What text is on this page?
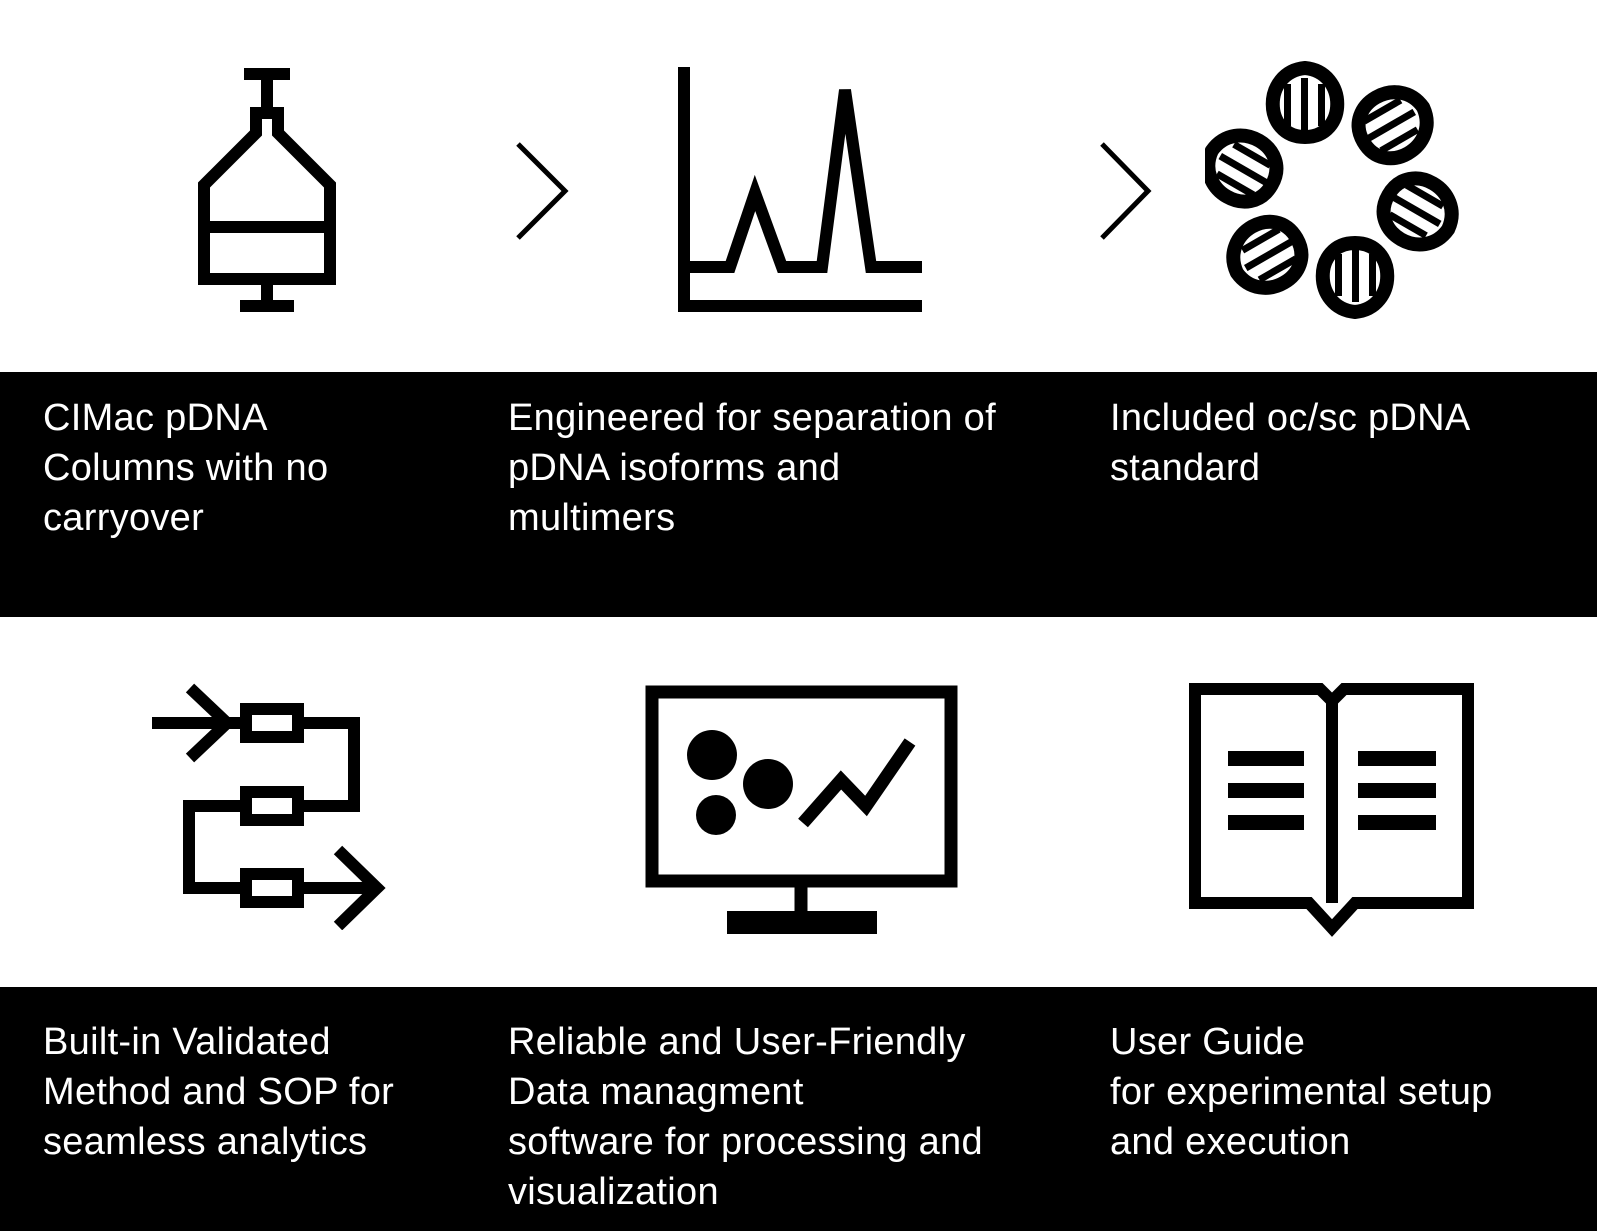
CIMac pDNA
Columns with no
carryover

Engineered for separation of
pDNA isoforms and
multimers

Included oc/sc pDNA
standard

Built-in Validated
Method and SOP for
seamless analytics

Reliable and User-Friendly
Data managment
software for processing and
visualization

User Guide
for experimental setup
and execution
